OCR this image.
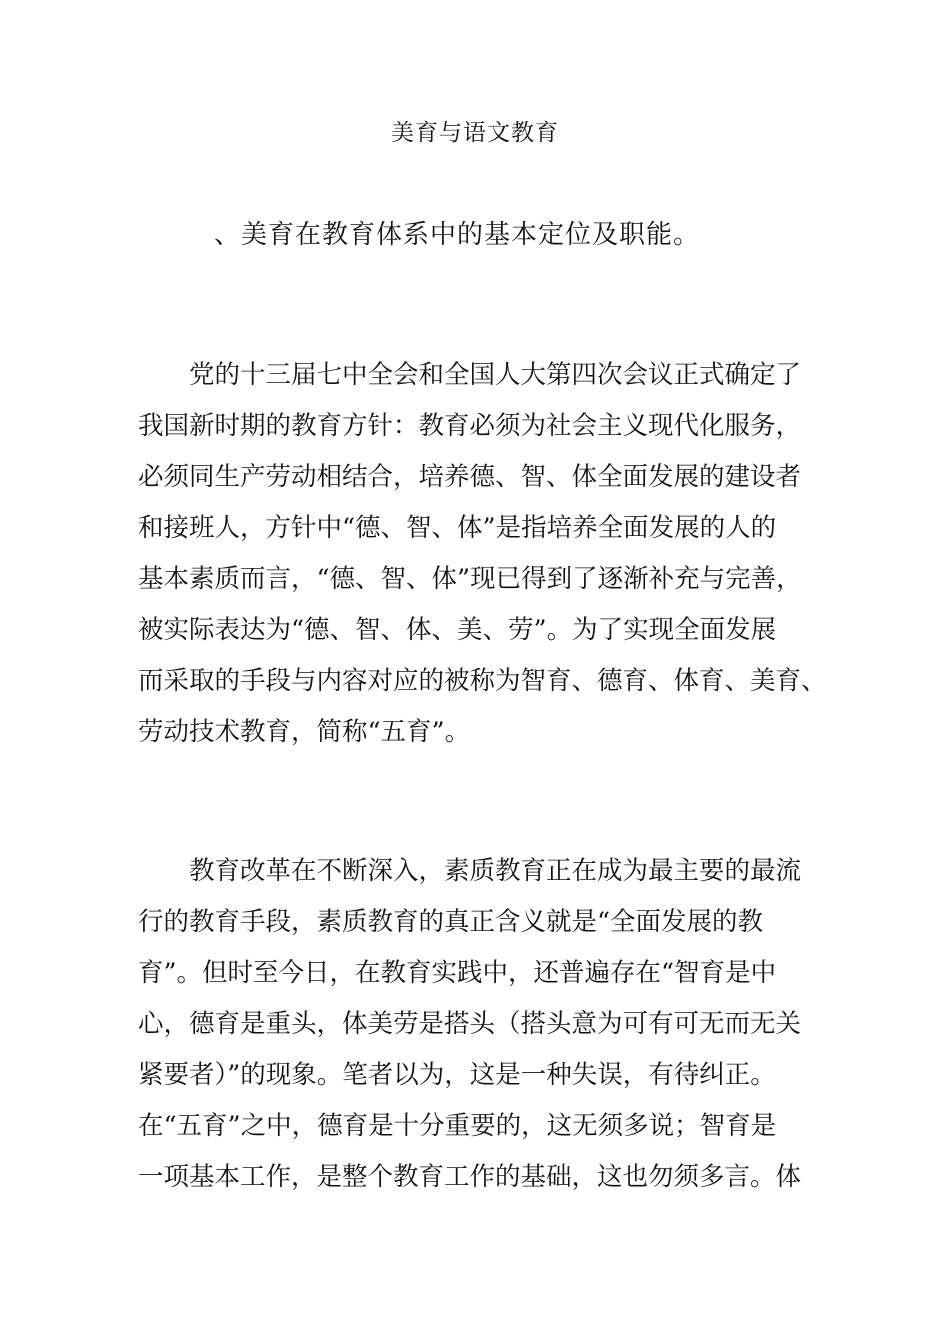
美育与语文教育
、美育在教育体系中的基本定位及职能。
党的十三届七中全会和全国人大第四次会议正式确定了
我国新时期的教育方针：教育必须为社会主义现代化服务，
必须同生产劳动相结合，培养德、智、体全面发展的建设者
和接班人，方针中“德、智、体”是指培养全面发展的人的
基本素质而言，“德、智、体”现已得到了逐渐补充与完善，
被实际表达为“德、智、体、美、劳”。为了实现全面发展
而采取的手段与内容对应的被称为智育、德育、体育、美育、
劳动技术教育，简称“五育”。
教育改革在不断深入，素质教育正在成为最主要的最流
行的教育手段，素质教育的真正含义就是“全面发展的教
育”。但时至今日，在教育实践中，还普遍存在“智育是中
心，德育是重头，体美劳是搭头（搭头意为可有可无而无关
紧要者）”的现象。笔者以为，这是一种失误，有待纠正。
在“五育”之中，德育是十分重要的，这无须多说；智育是
一项基本工作，是整个教育工作的基础，这也勿须多言。体
